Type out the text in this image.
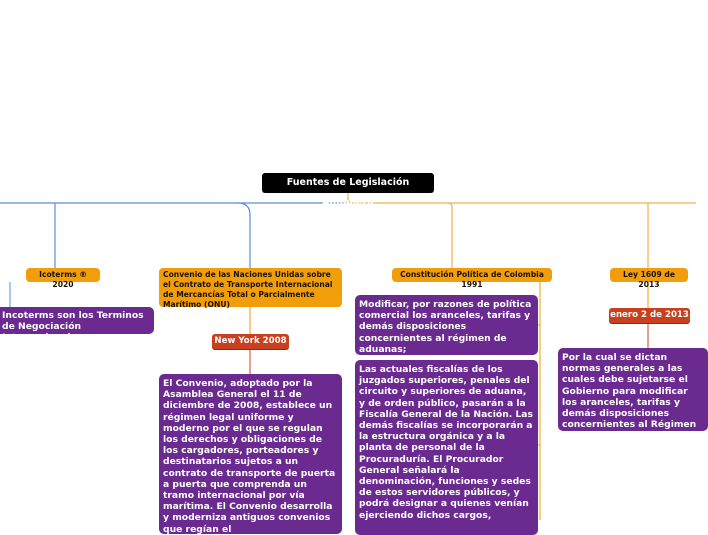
Fuentes de Legislación Aduanera
Icoterms ® 2020
Incoterms son los Terminos de Negociación Internacional
Convenio de las Naciones Unidas sobre el Contrato de Transporte Internacional de Mercancías Total o Parcialmente Marítimo (ONU)
New York 2008
El Convenio, adoptado por la Asamblea General el 11 de diciembre de 2008, establece un régimen legal uniforme y moderno por el que se regulan los derechos y obligaciones de los cargadores, porteadores y destinatarios sujetos a un contrato de transporte de puerta a puerta que comprenda un tramo internacional por vía marítima. El Convenio desarrolla y moderniza antiguos convenios que regían el
Constitución Política de Colombia 1991
Modificar, por razones de política comercial los aranceles, tarifas y demás disposiciones concernientes al régimen de aduanas;
Las actuales fiscalías de los juzgados superiores, penales del circuito y superiores de aduana, y de orden público, pasarán a la Fiscalía General de la Nación. Las demás fiscalías se incorporarán a la estructura orgánica y a la planta de personal de la Procuraduría. El Procurador General señalará la denominación, funciones y sedes de estos servidores públicos, y podrá designar a quienes venían ejerciendo dichos cargos,
Ley 1609 de 2013
enero 2 de 2013
Por la cual se dictan normas generales a las cuales debe sujetarse el Gobierno para modificar los aranceles, tarifas y demás disposiciones concernientes al Régimen de Aduanas.
